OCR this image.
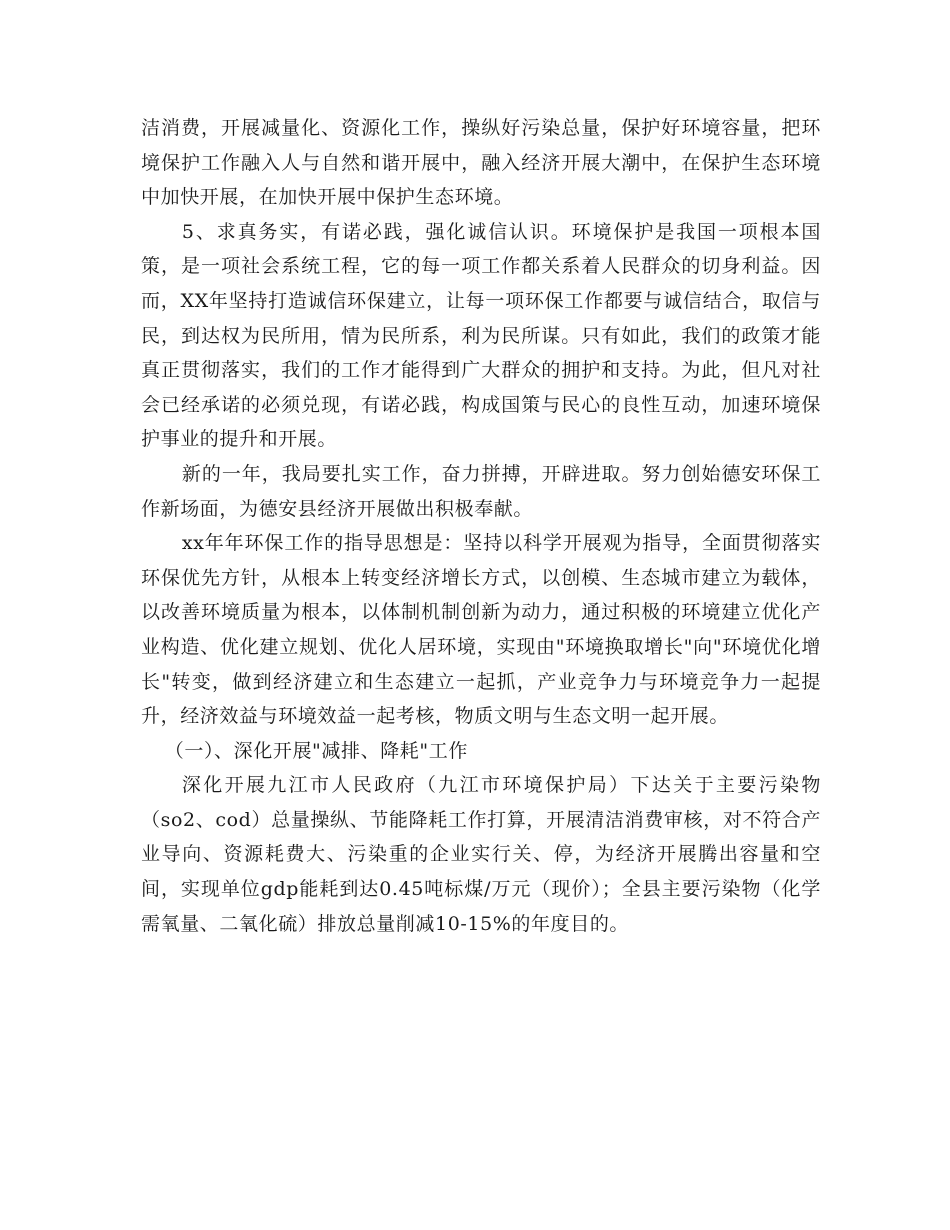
洁消费，开展减量化、资源化工作，操纵好污染总量，保护好环境容量，把环境保护工作融入人与自然和谐开展中，融入经济开展大潮中，在保护生态环境中加快开展，在加快开展中保护生态环境。

5、求真务实，有诺必践，强化诚信认识。环境保护是我国一项根本国策，是一项社会系统工程，它的每一项工作都关系着人民群众的切身利益。因而，XX年坚持打造诚信环保建立，让每一项环保工作都要与诚信结合，取信与民，到达权为民所用，情为民所系，利为民所谋。只有如此，我们的政策才能真正贯彻落实，我们的工作才能得到广大群众的拥护和支持。为此，但凡对社会已经承诺的必须兑现，有诺必践，构成国策与民心的良性互动，加速环境保护事业的提升和开展。

新的一年，我局要扎实工作，奋力拼搏，开辟进取。努力创始德安环保工作新场面，为德安县经济开展做出积极奉献。

xx年年环保工作的指导思想是：坚持以科学开展观为指导，全面贯彻落实环保优先方针，从根本上转变经济增长方式，以创模、生态城市建立为载体，以改善环境质量为根本，以体制机制创新为动力，通过积极的环境建立优化产业构造、优化建立规划、优化人居环境，实现由"环境换取增长"向"环境优化增长"转变，做到经济建立和生态建立一起抓，产业竞争力与环境竞争力一起提升，经济效益与环境效益一起考核，物质文明与生态文明一起开展。

（一）、深化开展"减排、降耗"工作

深化开展九江市人民政府（九江市环境保护局）下达关于主要污染物（so2、cod）总量操纵、节能降耗工作打算，开展清洁消费审核，对不符合产业导向、资源耗费大、污染重的企业实行关、停，为经济开展腾出容量和空间，实现单位gdp能耗到达0.45吨标煤/万元（现价）；全县主要污染物（化学需氧量、二氧化硫）排放总量削减10-15%的年度目的。
